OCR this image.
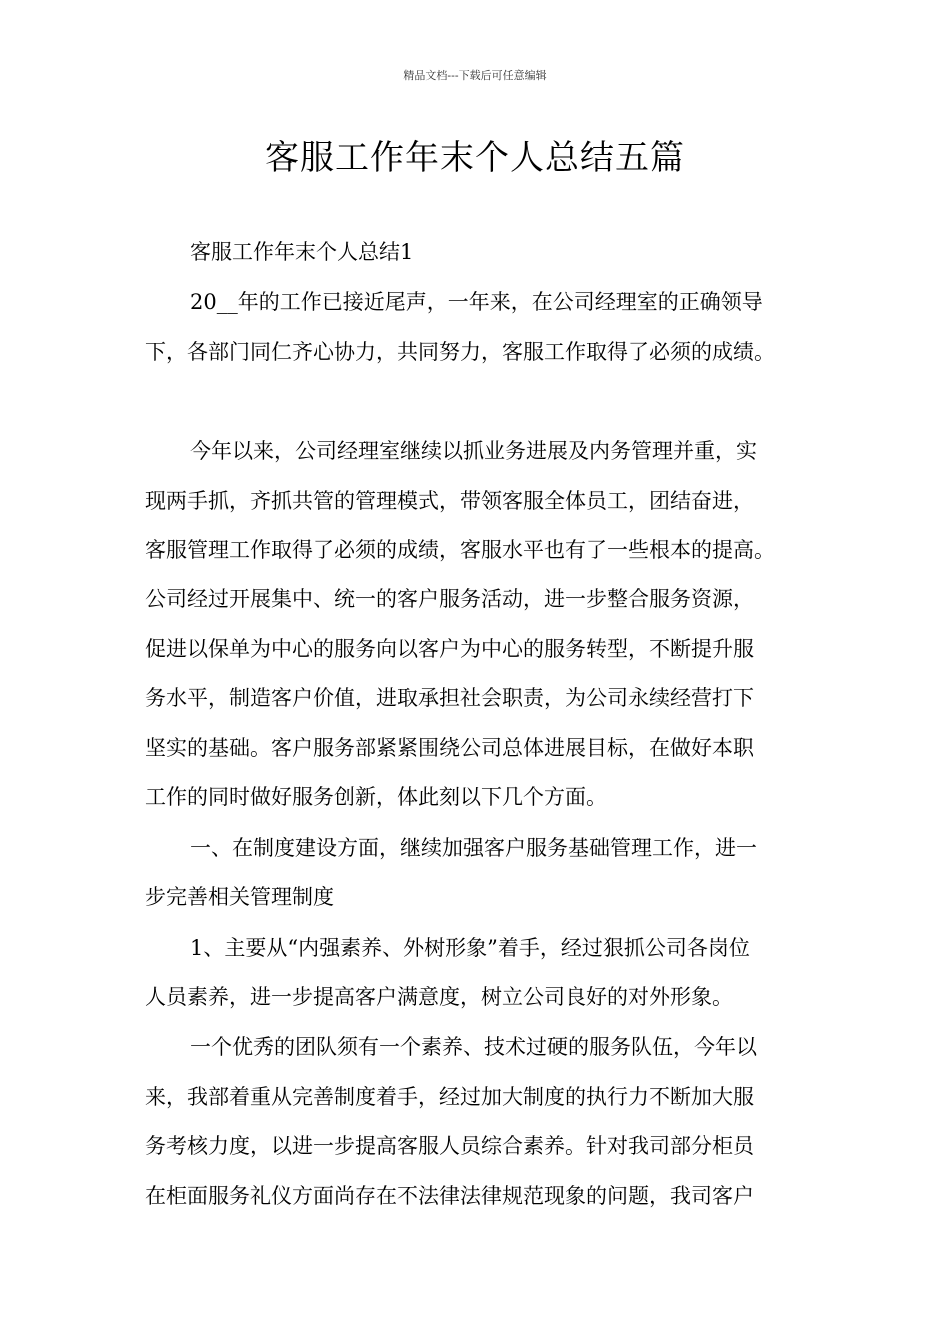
精品文档---下载后可任意编辑
客服工作年末个人总结五篇
客服工作年末个人总结1
20__年的工作已接近尾声，一年来，在公司经理室的正确领导
下，各部门同仁齐心协力，共同努力，客服工作取得了必须的成绩。
今年以来，公司经理室继续以抓业务进展及内务管理并重，实
现两手抓，齐抓共管的管理模式，带领客服全体员工，团结奋进，
客服管理工作取得了必须的成绩，客服水平也有了一些根本的提高。
公司经过开展集中、统一的客户服务活动，进一步整合服务资源，
促进以保单为中心的服务向以客户为中心的服务转型，不断提升服
务水平，制造客户价值，进取承担社会职责，为公司永续经营打下
坚实的基础。客户服务部紧紧围绕公司总体进展目标，在做好本职
工作的同时做好服务创新，体此刻以下几个方面。
一、在制度建设方面，继续加强客户服务基础管理工作，进一
步完善相关管理制度
1、主要从“内强素养、外树形象”着手，经过狠抓公司各岗位
人员素养，进一步提高客户满意度，树立公司良好的对外形象。
一个优秀的团队须有一个素养、技术过硬的服务队伍，今年以
来，我部着重从完善制度着手，经过加大制度的执行力不断加大服
务考核力度，以进一步提高客服人员综合素养。针对我司部分柜员
在柜面服务礼仪方面尚存在不法律法律规范现象的问题，我司客户
